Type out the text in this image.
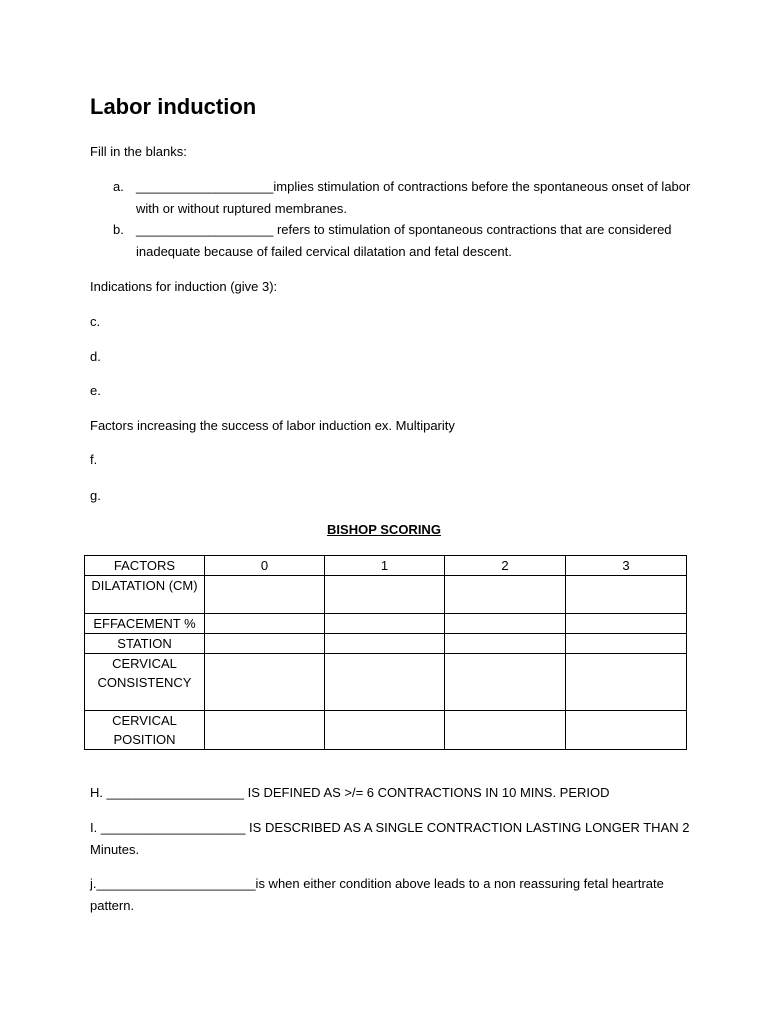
Labor induction
Fill in the blanks:
a. ___________________implies stimulation of contractions before the spontaneous onset of labor with or without ruptured membranes.
b. ___________________ refers to stimulation of spontaneous contractions that are considered inadequate because of failed cervical dilatation and fetal descent.
Indications for induction (give 3):
c.
d.
e.
Factors increasing the success of labor induction ex. Multiparity
f.
g.
BISHOP SCORING
FACTORS	0	1	2	3
DILATATION (CM)				
EFFACEMENT %				
STATION				
CERVICAL CONSISTENCY				
CERVICAL POSITION				
H. ___________________ IS DEFINED AS >/= 6 CONTRACTIONS IN 10 MINS. PERIOD
I. ____________________ IS DESCRIBED AS A SINGLE CONTRACTION LASTING LONGER THAN 2 Minutes.
j.______________________is when either condition above leads to a non reassuring fetal heartrate pattern.
